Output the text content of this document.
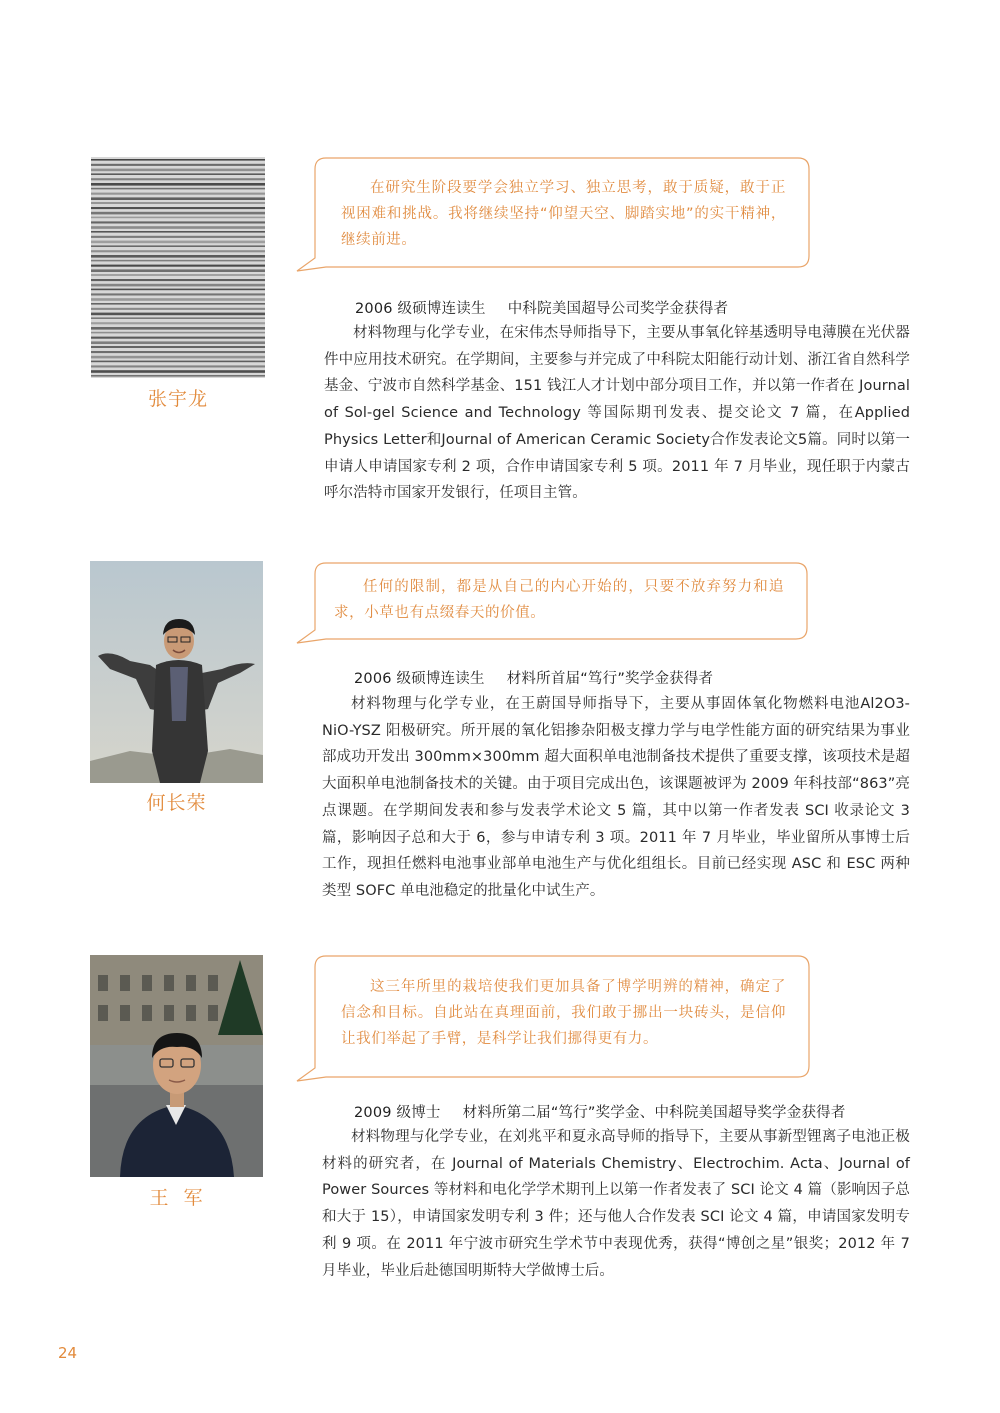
张宇龙
在研究生阶段要学会独立学习、独立思考，敢于质疑，敢于正视困难和挑战。我将继续坚持“仰望天空、脚踏实地”的实干精神，继续前进。
2006 级硕博连读生 中科院美国超导公司奖学金获得者
材料物理与化学专业，在宋伟杰导师指导下，主要从事氧化锌基透明导电薄膜在光伏器件中应用技术研究。在学期间，主要参与并完成了中科院太阳能行动计划、浙江省自然科学基金、宁波市自然科学基金、151 钱江人才计划中部分项目工作，并以第一作者在 Journal of Sol-gel Science and Technology 等国际期刊发表、提交论文 7 篇，在Applied Physics Letter和Journal of American Ceramic Society合作发表论文5篇。同时以第一申请人申请国家专利 2 项，合作申请国家专利 5 项。2011 年 7 月毕业，现任职于内蒙古呼尔浩特市国家开发银行，任项目主管。
何长荣
任何的限制，都是从自己的内心开始的，只要不放弃努力和追求，小草也有点缀春天的价值。
2006 级硕博连读生 材料所首届“笃行”奖学金获得者
材料物理与化学专业，在王蔚国导师指导下，主要从事固体氧化物燃料电池Al2O3-NiO-YSZ 阳极研究。所开展的氧化铝掺杂阳极支撑力学与电学性能方面的研究结果为事业部成功开发出 300mm×300mm 超大面积单电池制备技术提供了重要支撑，该项技术是超大面积单电池制备技术的关键。由于项目完成出色，该课题被评为 2009 年科技部“863”亮点课题。在学期间发表和参与发表学术论文 5 篇，其中以第一作者发表 SCI 收录论文 3 篇，影响因子总和大于 6，参与申请专利 3 项。2011 年 7 月毕业，毕业留所从事博士后工作，现担任燃料电池事业部单电池生产与优化组组长。目前已经实现 ASC 和 ESC 两种类型 SOFC 单电池稳定的批量化中试生产。
王  军
这三年所里的栽培使我们更加具备了博学明辨的精神，确定了信念和目标。自此站在真理面前，我们敢于挪出一块砖头，是信仰让我们举起了手臂，是科学让我们挪得更有力。
2009 级博士 材料所第二届“笃行”奖学金、中科院美国超导奖学金获得者
材料物理与化学专业，在刘兆平和夏永高导师的指导下，主要从事新型锂离子电池正极材料的研究者，在 Journal of Materials Chemistry、Electrochim. Acta、Journal of Power Sources 等材料和电化学学术期刊上以第一作者发表了 SCI 论文 4 篇（影响因子总和大于 15），申请国家发明专利 3 件；还与他人合作发表 SCI 论文 4 篇，申请国家发明专利 9 项。在 2011 年宁波市研究生学术节中表现优秀，获得“博创之星”银奖；2012 年 7 月毕业，毕业后赴德国明斯特大学做博士后。
24
